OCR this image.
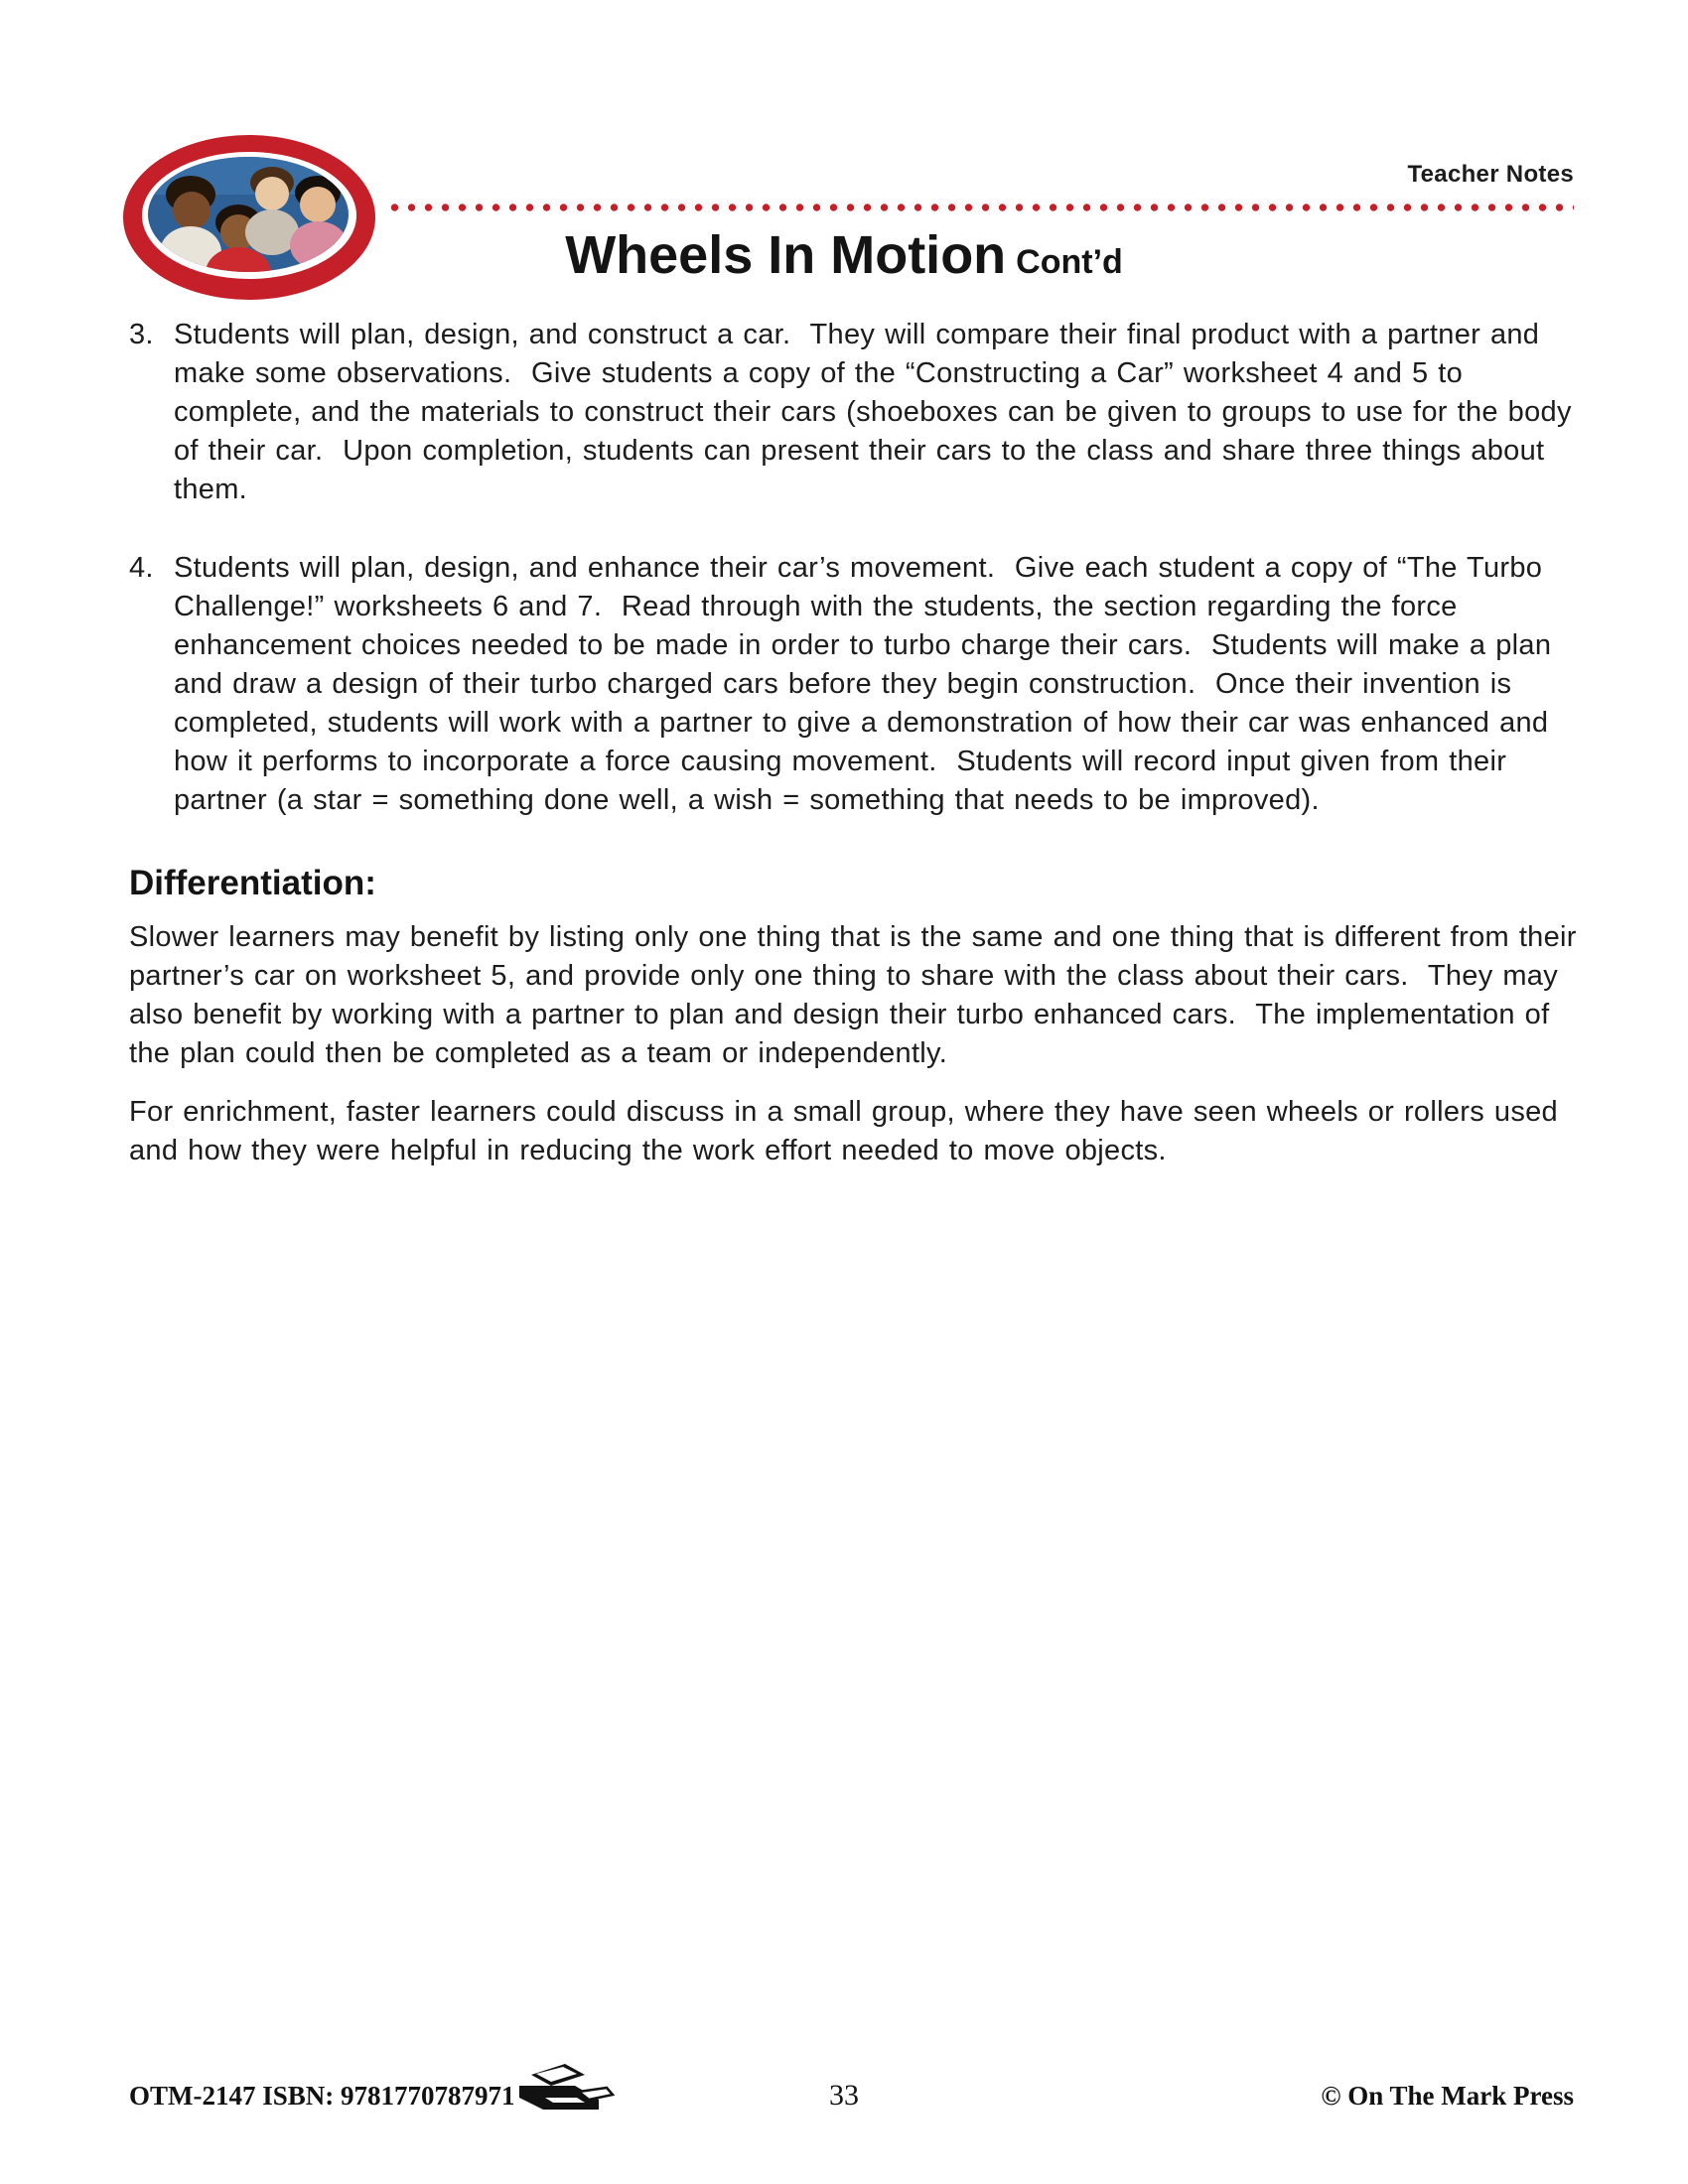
Teacher Notes
Wheels In Motion Cont’d
3. Students will plan, design, and construct a car.  They will compare their final product with a partner and make some observations.  Give students a copy of the “Constructing a Car” worksheet 4 and 5 to complete, and the materials to construct their cars (shoeboxes can be given to groups to use for the body of their car.  Upon completion, students can present their cars to the class and share three things about them.

4. Students will plan, design, and enhance their car’s movement.  Give each student a copy of “The Turbo Challenge!” worksheets 6 and 7.  Read through with the students, the section regarding the force enhancement choices needed to be made in order to turbo charge their cars.  Students will make a plan and draw a design of their turbo charged cars before they begin construction.  Once their invention is completed, students will work with a partner to give a demonstration of how their car was enhanced and how it performs to incorporate a force causing movement.  Students will record input given from their partner (a star = something done well, a wish = something that needs to be improved).

Differentiation:

Slower learners may benefit by listing only one thing that is the same and one thing that is different from their partner’s car on worksheet 5, and provide only one thing to share with the class about their cars.  They may also benefit by working with a partner to plan and design their turbo enhanced cars.  The implementation of the plan could then be completed as a team or independently.

For enrichment, faster learners could discuss in a small group, where they have seen wheels or rollers used and how they were helpful in reducing the work effort needed to move objects.

OTM-2147 ISBN: 9781770787971	33	© On The Mark Press
